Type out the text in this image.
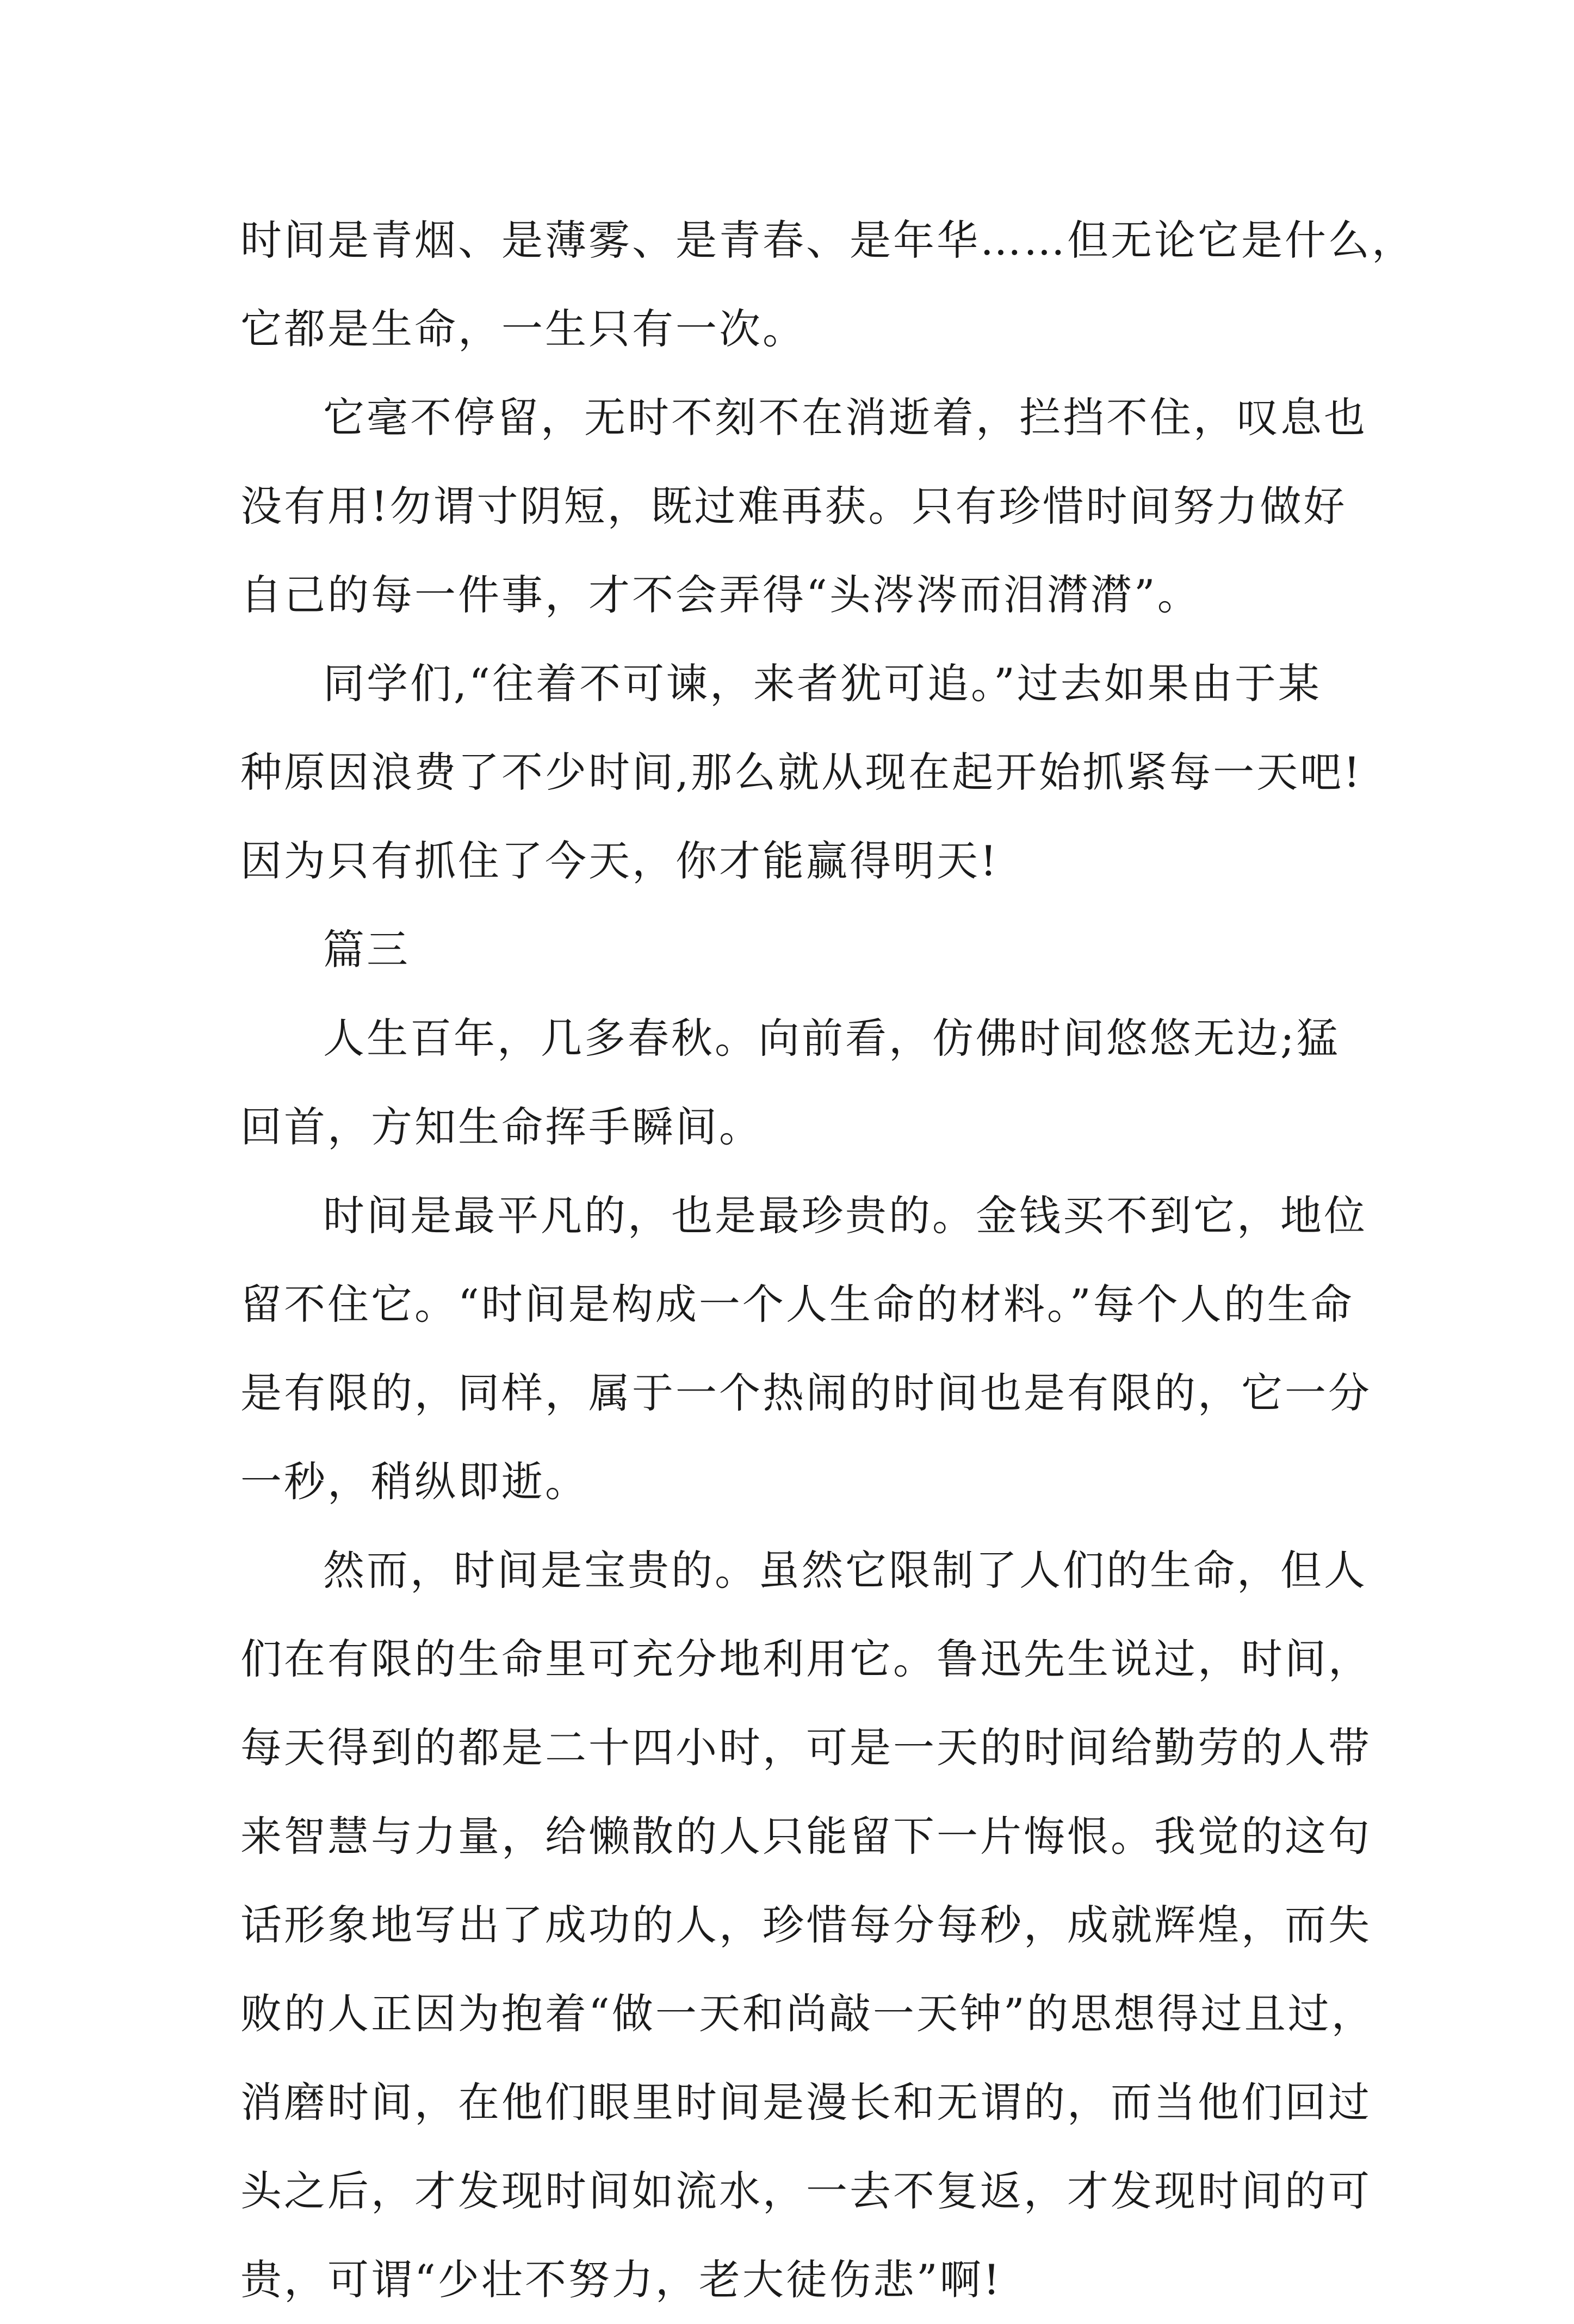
时间是青烟、是薄雾、是青春、是年华……但无论它是什么，
它都是生命，一生只有一次。
它毫不停留，无时不刻不在消逝着，拦挡不住，叹息也
没有用!勿谓寸阴短，既过难再获。只有珍惜时间努力做好
自己的每一件事，才不会弄得“头涔涔而泪潸潸”。
同学们,“往着不可谏，来者犹可追。”过去如果由于某
种原因浪费了不少时间,那么就从现在起开始抓紧每一天吧!
因为只有抓住了今天，你才能赢得明天!
篇三
人生百年，几多春秋。向前看，仿佛时间悠悠无边;猛
回首，方知生命挥手瞬间。
时间是最平凡的，也是最珍贵的。金钱买不到它，地位
留不住它。“时间是构成一个人生命的材料。”每个人的生命
是有限的，同样，属于一个热闹的时间也是有限的，它一分
一秒，稍纵即逝。
然而，时间是宝贵的。虽然它限制了人们的生命，但人
们在有限的生命里可充分地利用它。鲁迅先生说过，时间，
每天得到的都是二十四小时，可是一天的时间给勤劳的人带
来智慧与力量，给懒散的人只能留下一片悔恨。我觉的这句
话形象地写出了成功的人，珍惜每分每秒，成就辉煌，而失
败的人正因为抱着“做一天和尚敲一天钟”的思想得过且过，
消磨时间，在他们眼里时间是漫长和无谓的，而当他们回过
头之后，才发现时间如流水，一去不复返，才发现时间的可
贵，可谓“少壮不努力，老大徒伤悲”啊!
